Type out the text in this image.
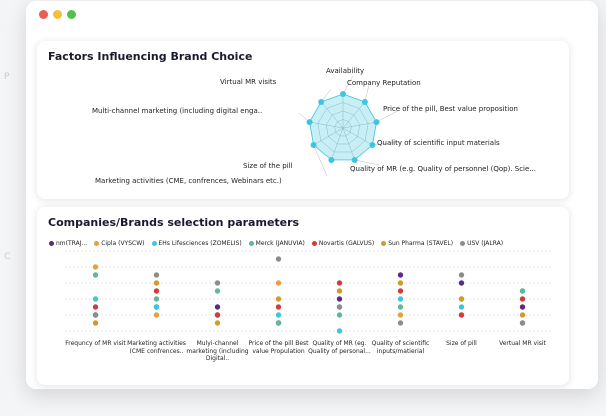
P
C
Factors Influencing Brand Choice
Availability
Company Reputation
Price of the pill, Best value proposition
Quality of scientific input materials
Quality of MR (e.g. Quality of personnel (Qop). Scie...
Size of the pill
Marketing activities (CME, confrences, Webinars etc.)
Multi-channel marketing (including digital enga..
Virtual MR visits
Companies/Brands selection parameters
nm(TRAJ... Cipla (VYSCW) EHs Lifesciences (ZOMELIS) Merck (JANUVIA) Novartis (GALVUS) Sun Pharma (STAVEL) USV (JALRA)
Frequncy of MR visit Marketing activities (CME confrences..
Mulyi-channel marketing (including Digital..
Price of the pill Best value Propulation
Quality of MR (eg. Quality of personal...
Quality of scientific inputs/matierial
Size of pill	Vertual MR visit
